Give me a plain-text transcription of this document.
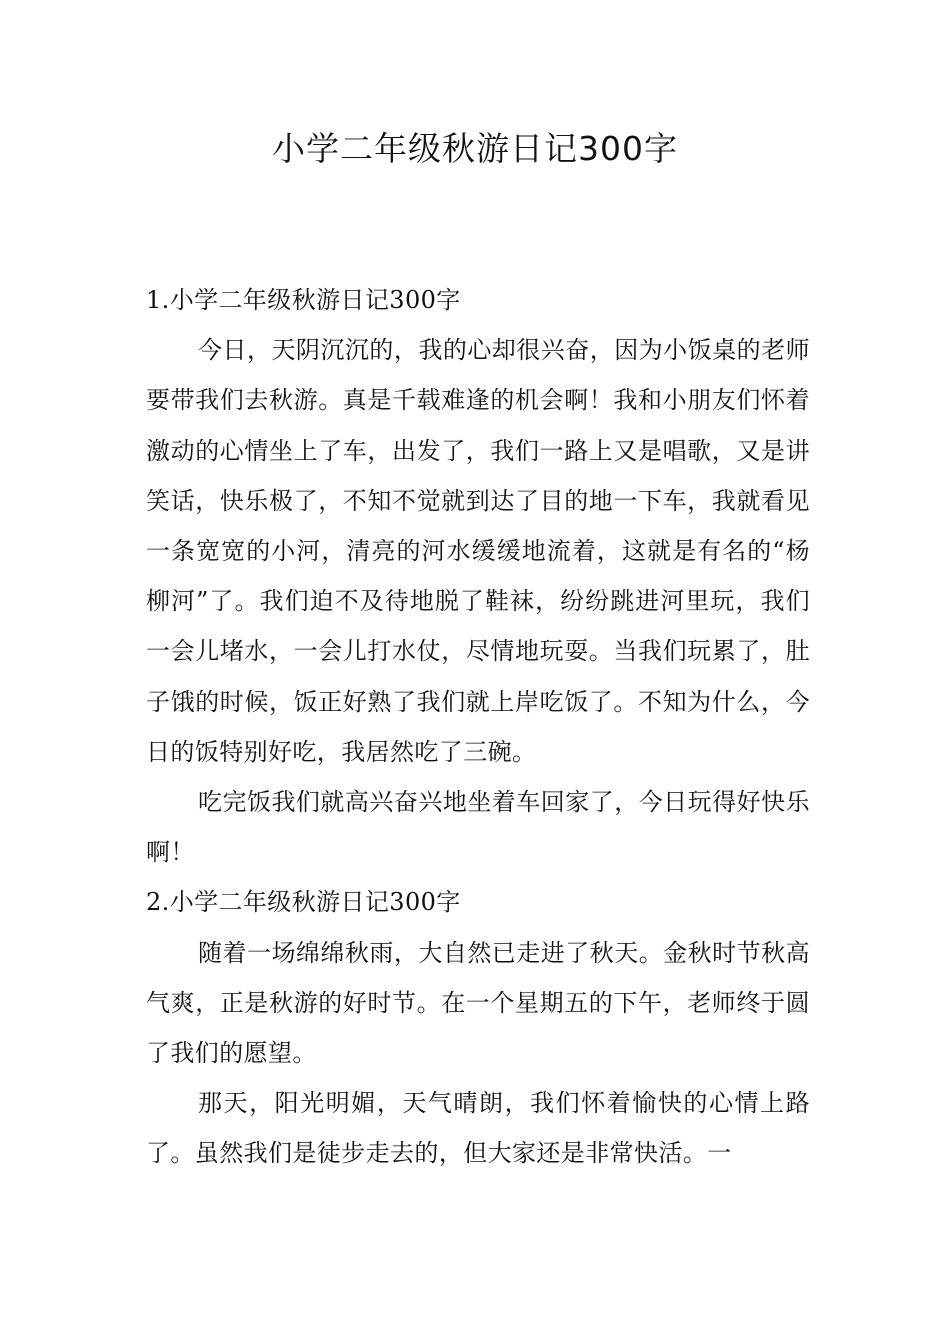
小学二年级秋游日记300字
1.小学二年级秋游日记300字

今日，天阴沉沉的，我的心却很兴奋，因为小饭桌的老师要带我们去秋游。真是千载难逢的机会啊！我和小朋友们怀着激动的心情坐上了车，出发了，我们一路上又是唱歌，又是讲笑话，快乐极了，不知不觉就到达了目的地一下车，我就看见一条宽宽的小河，清亮的河水缓缓地流着，这就是有名的“杨柳河”了。我们迫不及待地脱了鞋袜，纷纷跳进河里玩，我们一会儿堵水，一会儿打水仗，尽情地玩耍。当我们玩累了，肚子饿的时候，饭正好熟了我们就上岸吃饭了。不知为什么，今日的饭特别好吃，我居然吃了三碗。

吃完饭我们就高兴奋兴地坐着车回家了，今日玩得好快乐啊！

2.小学二年级秋游日记300字

随着一场绵绵秋雨，大自然已走进了秋天。金秋时节秋高气爽，正是秋游的好时节。在一个星期五的下午，老师终于圆了我们的愿望。

那天，阳光明媚，天气晴朗，我们怀着愉快的心情上路了。虽然我们是徒步走去的，但大家还是非常快活。一
